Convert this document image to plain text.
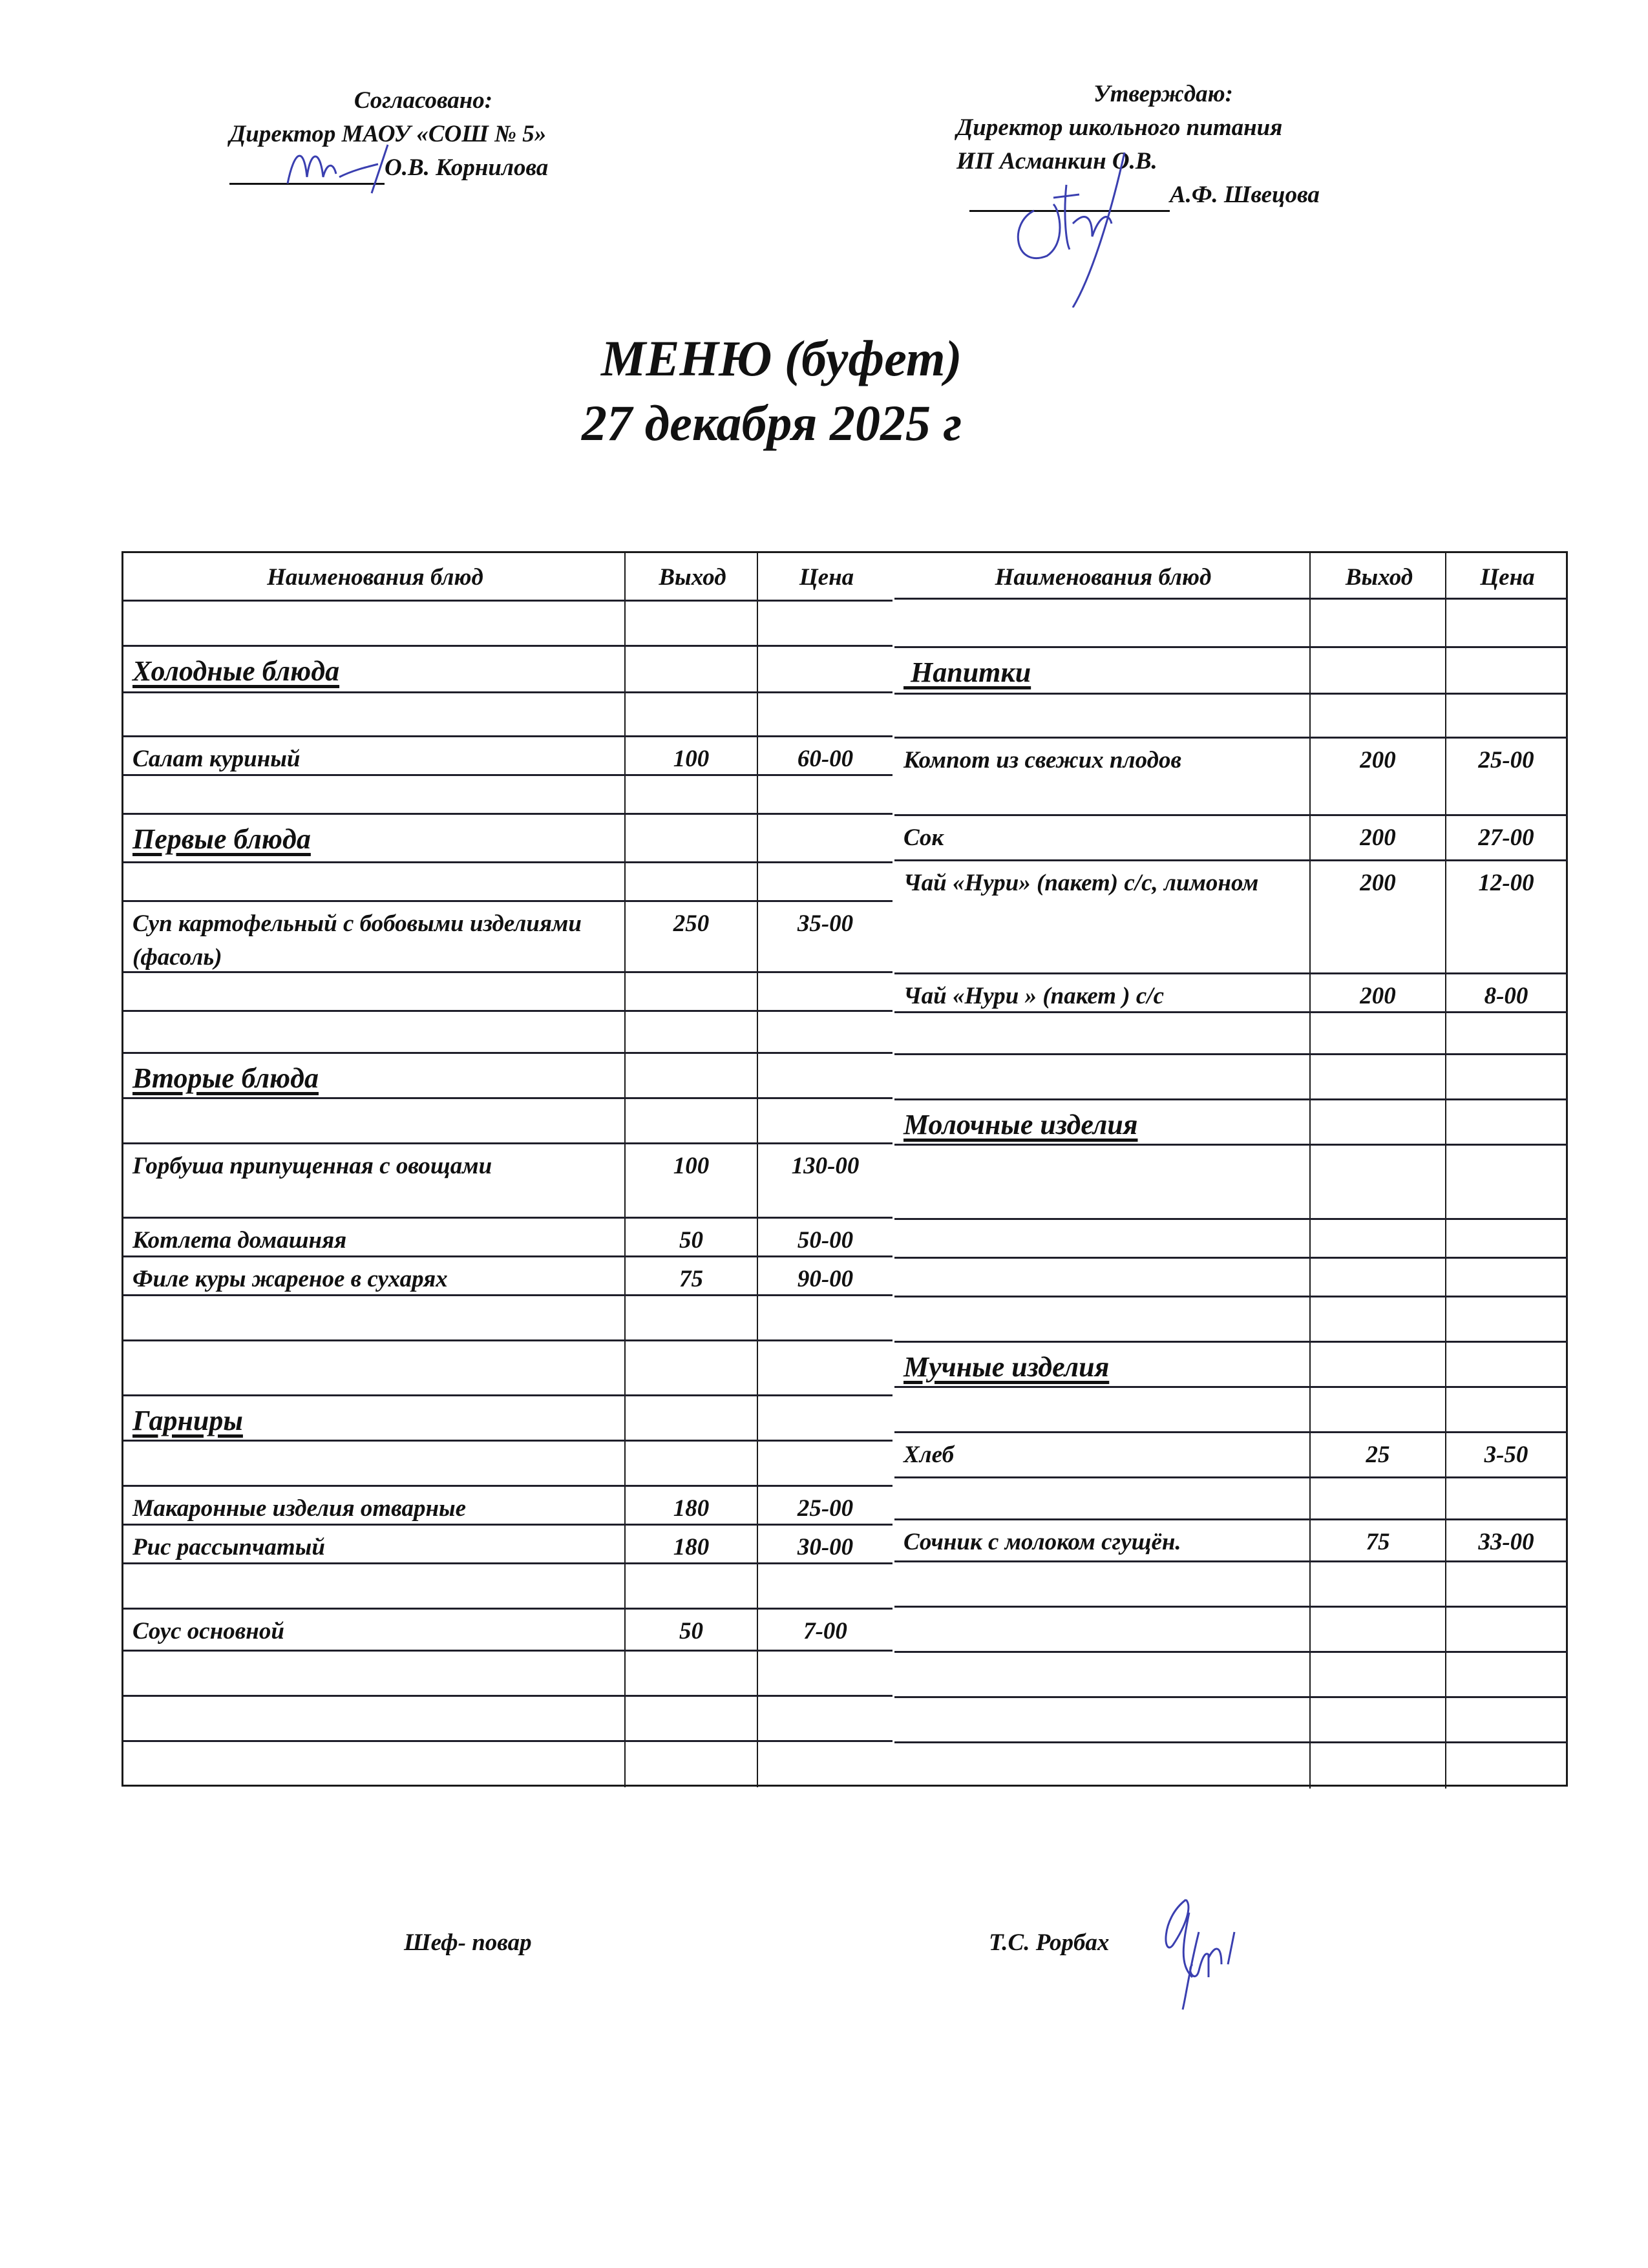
Согласовано:
Директор МАОУ «СОШ № 5»
О.В. Корнилова
Утверждаю:
Директор школьного питания
ИП Асманкин О.В.
А.Ф. Швецова
МЕНЮ (буфет)
27 декабря 2025 г
Наименования блюд	Выход	Цена
Холодные блюда
Салат куриный	100	60-00
Первые блюда
Суп картофельный с бобовыми изделиями (фасоль)
250	35-00
Вторые блюда
Горбуша припущенная с овощами	100	130-00
Котлета домашняя	50	50-00
Филе куры жареное в сухарях	75	90-00
Гарниры
Макаронные изделия отварные	180	25-00
Рис рассыпчатый	180	30-00
Соус основной	50	7-00
Наименования блюд	Выход	Цена
Напитки
Компот из свежих плодов	200	25-00
Сок	200	27-00
Чай «Нури» (пакет) с/с, лимоном	200	12-00
Чай «Нури » (пакет ) с/с	200	8-00
Молочные изделия
Мучные изделия
Хлеб	25	3-50
Сочник с молоком сгущён.	75	33-00
Шеф- повар	Т.С. Рорбах
